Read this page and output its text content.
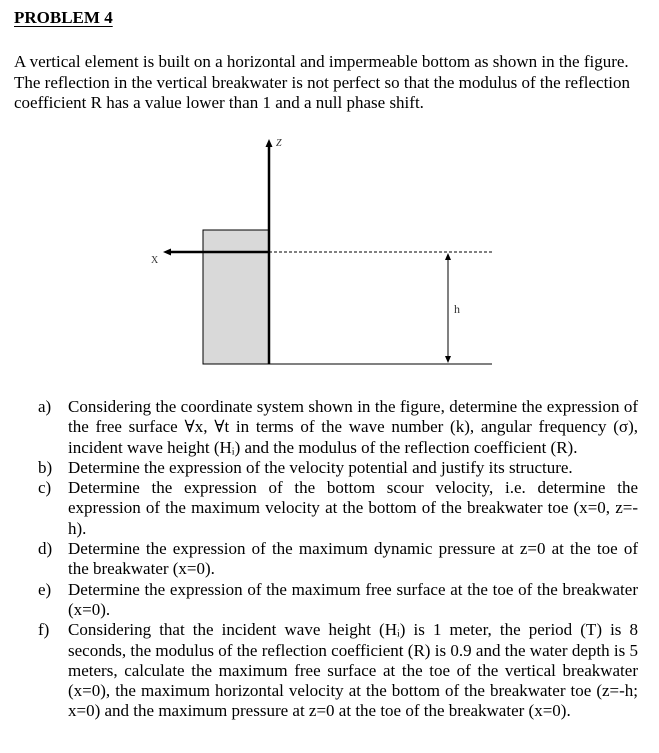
PROBLEM 4
A vertical element is built on a horizontal and impermeable bottom as shown in the figure. The reflection in the vertical breakwater is not perfect so that the modulus of the reflection coefficient R has a value lower than 1 and a null phase shift.
Z
X
h
a) Considering the coordinate system shown in the figure, determine the expression of the free surface ∀x, ∀t in terms of the wave number (k), angular frequency (σ), incident wave height (Hᵢ) and the modulus of the reflection coefficient (R).
b) Determine the expression of the velocity potential and justify its structure.
c) Determine the expression of the bottom scour velocity, i.e. determine the expression of the maximum velocity at the bottom of the breakwater toe (x=0, z=-h).
d) Determine the expression of the maximum dynamic pressure at z=0 at the toe of the breakwater (x=0).
e) Determine the expression of the maximum free surface at the toe of the breakwater (x=0).
f) Considering that the incident wave height (Hᵢ) is 1 meter, the period (T) is 8 seconds, the modulus of the reflection coefficient (R) is 0.9 and the water depth is 5 meters, calculate the maximum free surface at the toe of the vertical breakwater (x=0), the maximum horizontal velocity at the bottom of the breakwater toe (z=-h; x=0) and the maximum pressure at z=0 at the toe of the breakwater (x=0).
